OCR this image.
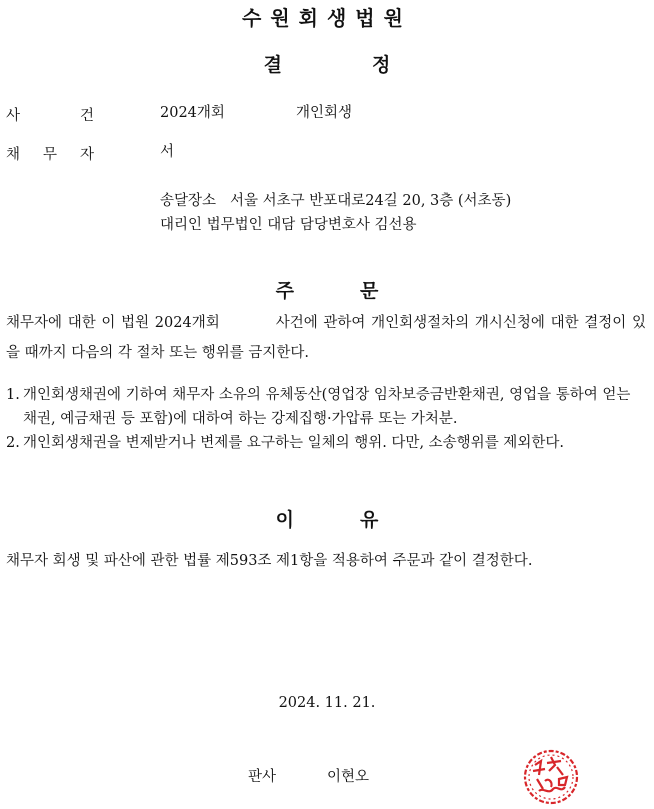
수원회생법원
결	정
사	건	2024개회	개인회생
채 무 자	서
송달장소 서울 서초구 반포대로24길 20, 3층 (서초동)
대리인 법무법인 대담 담당변호사 김선용
주	문
채무자에 대한 이 법원 2024개회	사건에 관하여 개인회생절차의 개시신청에 대한 결정이 있을 때까지 다음의 각 절차 또는 행위를 금지한다.
1. 개인회생채권에 기하여 채무자 소유의 유체동산(영업장 임차보증금반환채권, 영업을 통하여 얻는 채권, 예금채권 등 포함)에 대하여 하는 강제집행·가압류 또는 가처분.
2. 개인회생채권을 변제받거나 변제를 요구하는 일체의 행위. 다만, 소송행위를 제외한다.
이	유
채무자 회생 및 파산에 관한 법률 제593조 제1항을 적용하여 주문과 같이 결정한다.
2024. 11. 21.
판사	이현오
